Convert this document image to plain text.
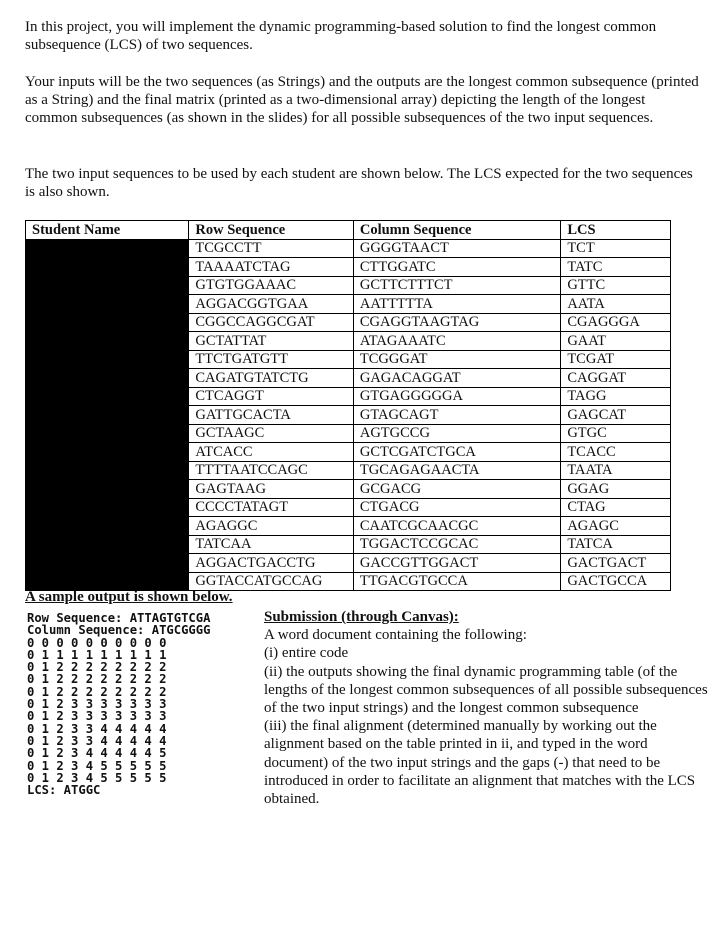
In this project, you will implement the dynamic programming-based solution to find the longest common subsequence (LCS) of two sequences.

Your inputs will be the two sequences (as Strings) and the outputs are the longest common subsequence (printed as a String) and the final matrix (printed as a two-dimensional array) depicting the length of the longest common subsequences (as shown in the slides) for all possible subsequences of the two input sequences.

The two input sequences to be used by each student are shown below. The LCS expected for the two sequences is also shown.

Student Name	Row Sequence	Column Sequence	LCS
	TCGCCTT	GGGGTAACT	TCT
	TAAAATCTAG	CTTGGATC	TATC
	GTGTGGAAAC	GCTTCTTTCT	GTTC
	AGGACGGTGAA	AATTTTTA	AATA
	CGGCCAGGCGAT	CGAGGTAAGTAG	CGAGGGA
	GCTATTAT	ATAGAAATC	GAAT
	TTCTGATGTT	TCGGGAT	TCGAT
	CAGATGTATCTG	GAGACAGGAT	CAGGAT
	CTCAGGT	GTGAGGGGGA	TAGG
	GATTGCACTA	GTAGCAGT	GAGCAT
	GCTAAGC	AGTGCCG	GTGC
	ATCACC	GCTCGATCTGCA	TCACC
	TTTTAATCCAGC	TGCAGAGAACTA	TAATA
	GAGTAAG	GCGACG	GGAG
	CCCCTATAGT	CTGACG	CTAG
	AGAGGC	CAATCGCAACGC	AGAGC
	TATCAA	TGGACTCCGCAC	TATCA
	AGGACTGACCTG	GACCGTTGGACT	GACTGACT
	GGTACCATGCCAG	TTGACGTGCCA	GACTGCCA
A sample output is shown below.
Row Sequence: ATTAGTGTCGA
Column Sequence: ATGCGGGG
0 0 0 0 0 0 0 0 0 0
0 1 1 1 1 1 1 1 1 1
0 1 2 2 2 2 2 2 2 2
0 1 2 2 2 2 2 2 2 2
0 1 2 2 2 2 2 2 2 2
0 1 2 3 3 3 3 3 3 3
0 1 2 3 3 3 3 3 3 3
0 1 2 3 3 4 4 4 4 4
0 1 2 3 3 4 4 4 4 4
0 1 2 3 4 4 4 4 4 5
0 1 2 3 4 5 5 5 5 5
0 1 2 3 4 5 5 5 5 5
LCS: ATGGC
Submission (through Canvas):
A word document containing the following:
(i) entire code
(ii) the outputs showing the final dynamic programming table (of the lengths of the longest common subsequences of all possible subsequences of the two input strings) and the longest common subsequence
(iii) the final alignment (determined manually by working out the alignment based on the table printed in ii, and typed in the word document) of the two input strings and the gaps (-) that need to be introduced in order to facilitate an alignment that matches with the LCS obtained.
